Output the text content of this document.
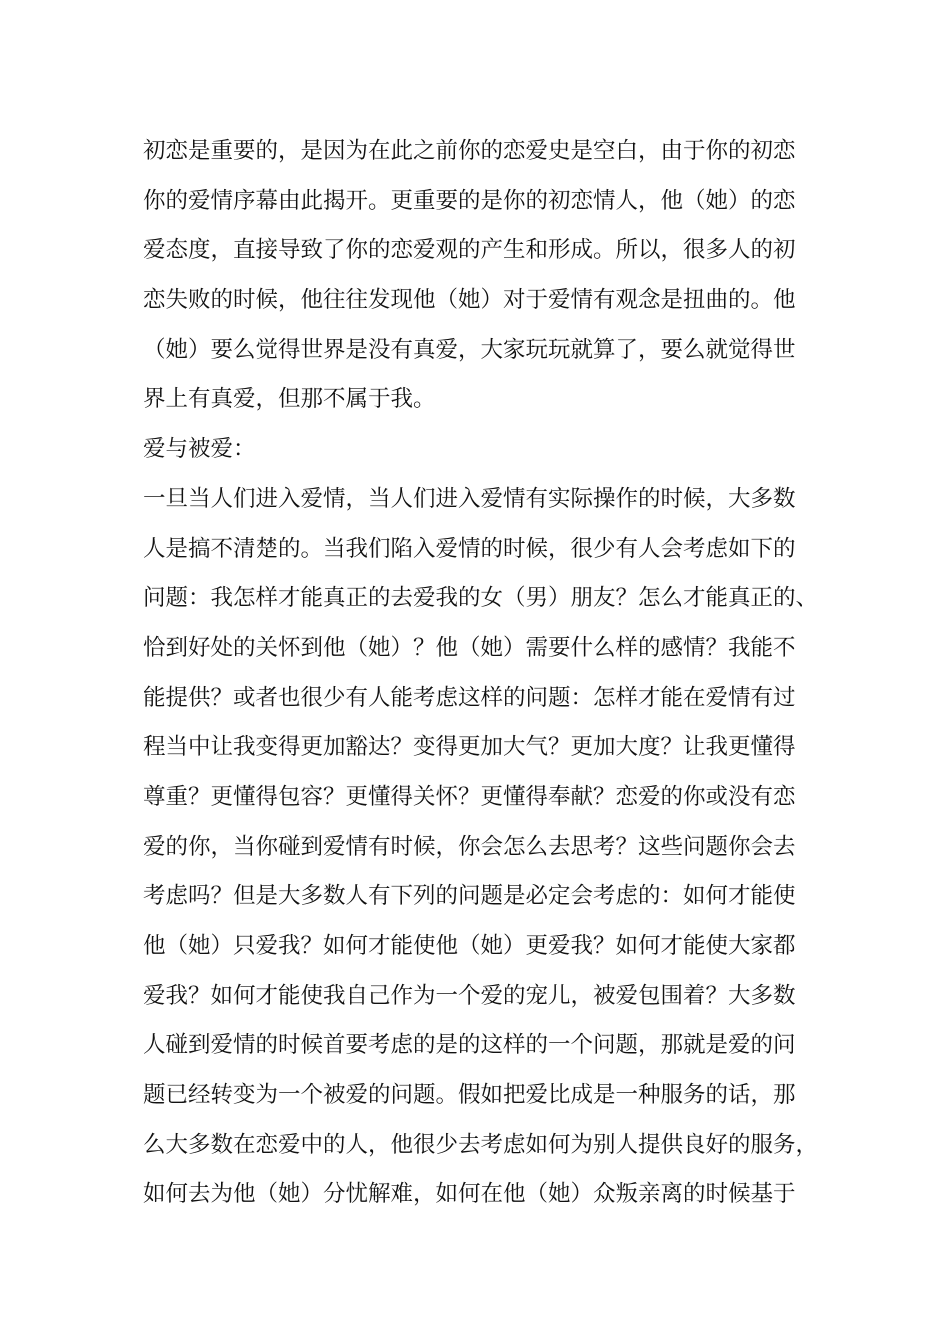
初恋是重要的，是因为在此之前你的恋爱史是空白，由于你的初恋
你的爱情序幕由此揭开。更重要的是你的初恋情人，他（她）的恋
爱态度，直接导致了你的恋爱观的产生和形成。所以，很多人的初
恋失败的时候，他往往发现他（她）对于爱情有观念是扭曲的。他
（她）要么觉得世界是没有真爱，大家玩玩就算了，要么就觉得世
界上有真爱，但那不属于我。
爱与被爱：
一旦当人们进入爱情，当人们进入爱情有实际操作的时候，大多数
人是搞不清楚的。当我们陷入爱情的时候，很少有人会考虑如下的
问题：我怎样才能真正的去爱我的女（男）朋友？怎么才能真正的、
恰到好处的关怀到他（她）？他（她）需要什么样的感情？我能不
能提供？或者也很少有人能考虑这样的问题：怎样才能在爱情有过
程当中让我变得更加豁达？变得更加大气？更加大度？让我更懂得
尊重？更懂得包容？更懂得关怀？更懂得奉献？恋爱的你或没有恋
爱的你，当你碰到爱情有时候，你会怎么去思考？这些问题你会去
考虑吗？但是大多数人有下列的问题是必定会考虑的：如何才能使
他（她）只爱我？如何才能使他（她）更爱我？如何才能使大家都
爱我？如何才能使我自己作为一个爱的宠儿，被爱包围着？大多数
人碰到爱情的时候首要考虑的是的这样的一个问题，那就是爱的问
题已经转变为一个被爱的问题。假如把爱比成是一种服务的话，那
么大多数在恋爱中的人，他很少去考虑如何为别人提供良好的服务，
如何去为他（她）分忧解难，如何在他（她）众叛亲离的时候基于
